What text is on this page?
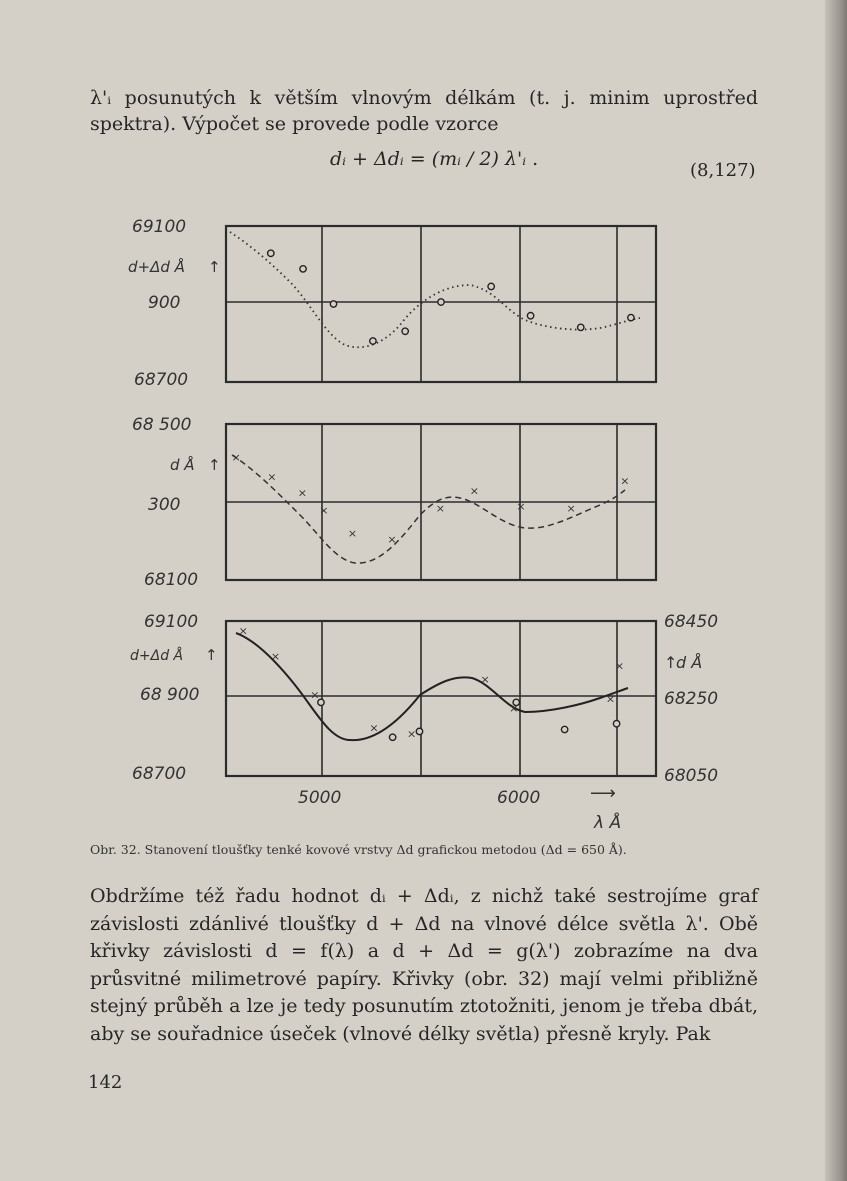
λ'ᵢ posunutých k větším vlnovým délkám (t. j. minim uprostřed spektra). Výpočet se provede podle vzorce

dᵢ + Δdᵢ = (mᵢ / 2) λ'ᵢ .
(8,127)
×
×
×
×
×	×
×
×
×	×
×
×
×
×
×	×
×
×
×
×
69100
d+Δd Å ↑
900
68700
68 500
d Å ↑
300
68100
69100
d+Δd Å ↑
68 900
68700
68450
↑
d Å
68250
68050
5000	6000	⟶
λ Å
Obr. 32. Stanovení tloušťky tenké kovové vrstvy Δd grafickou metodou (Δd = 650 Å).

Obdržíme též řadu hodnot dᵢ + Δdᵢ, z nichž také sestrojíme graf závislosti zdánlivé tloušťky d + Δd na vlnové délce světla λ'. Obě křivky závislosti d = f(λ) a d + Δd = g(λ') zobrazíme na dva průsvitné milimetrové papíry. Křivky (obr. 32) mají velmi přibližně stejný průběh a lze je tedy posunutím ztotožniti, jenom je třeba dbát, aby se souřadnice úseček (vlnové délky světla) přesně kryly. Pak

142
